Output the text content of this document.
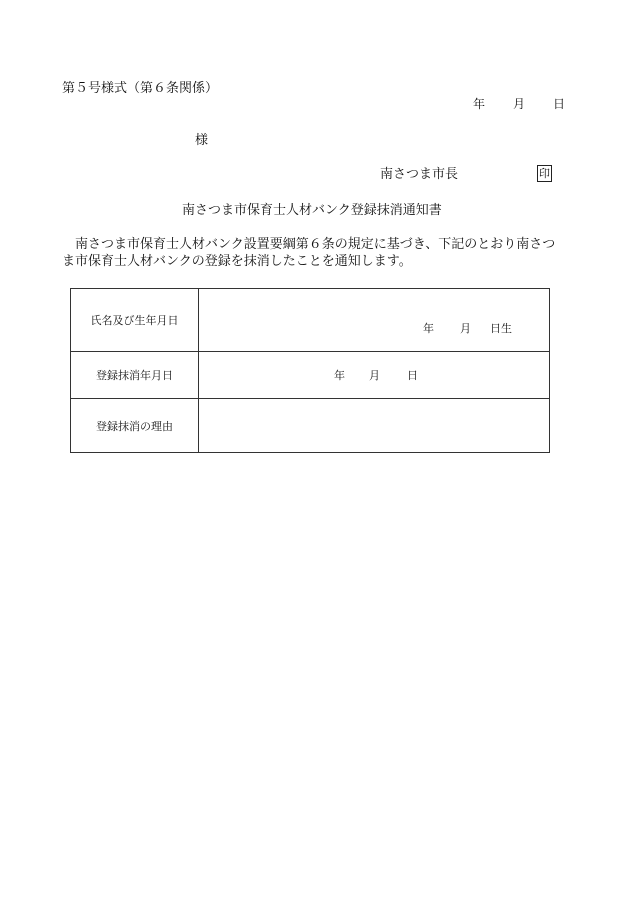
第５号様式（第６条関係）
年 月 日
様
南さつま市長	印
南さつま市保育士人材バンク登録抹消通知書
南さつま市保育士人材バンク設置要綱第６条の規定に基づき、下記のとおり南さつま市保育士人材バンクの登録を抹消したことを通知します。
氏名及び生年月日
年 月 日生
登録抹消年月日	年 月 日
登録抹消の理由
